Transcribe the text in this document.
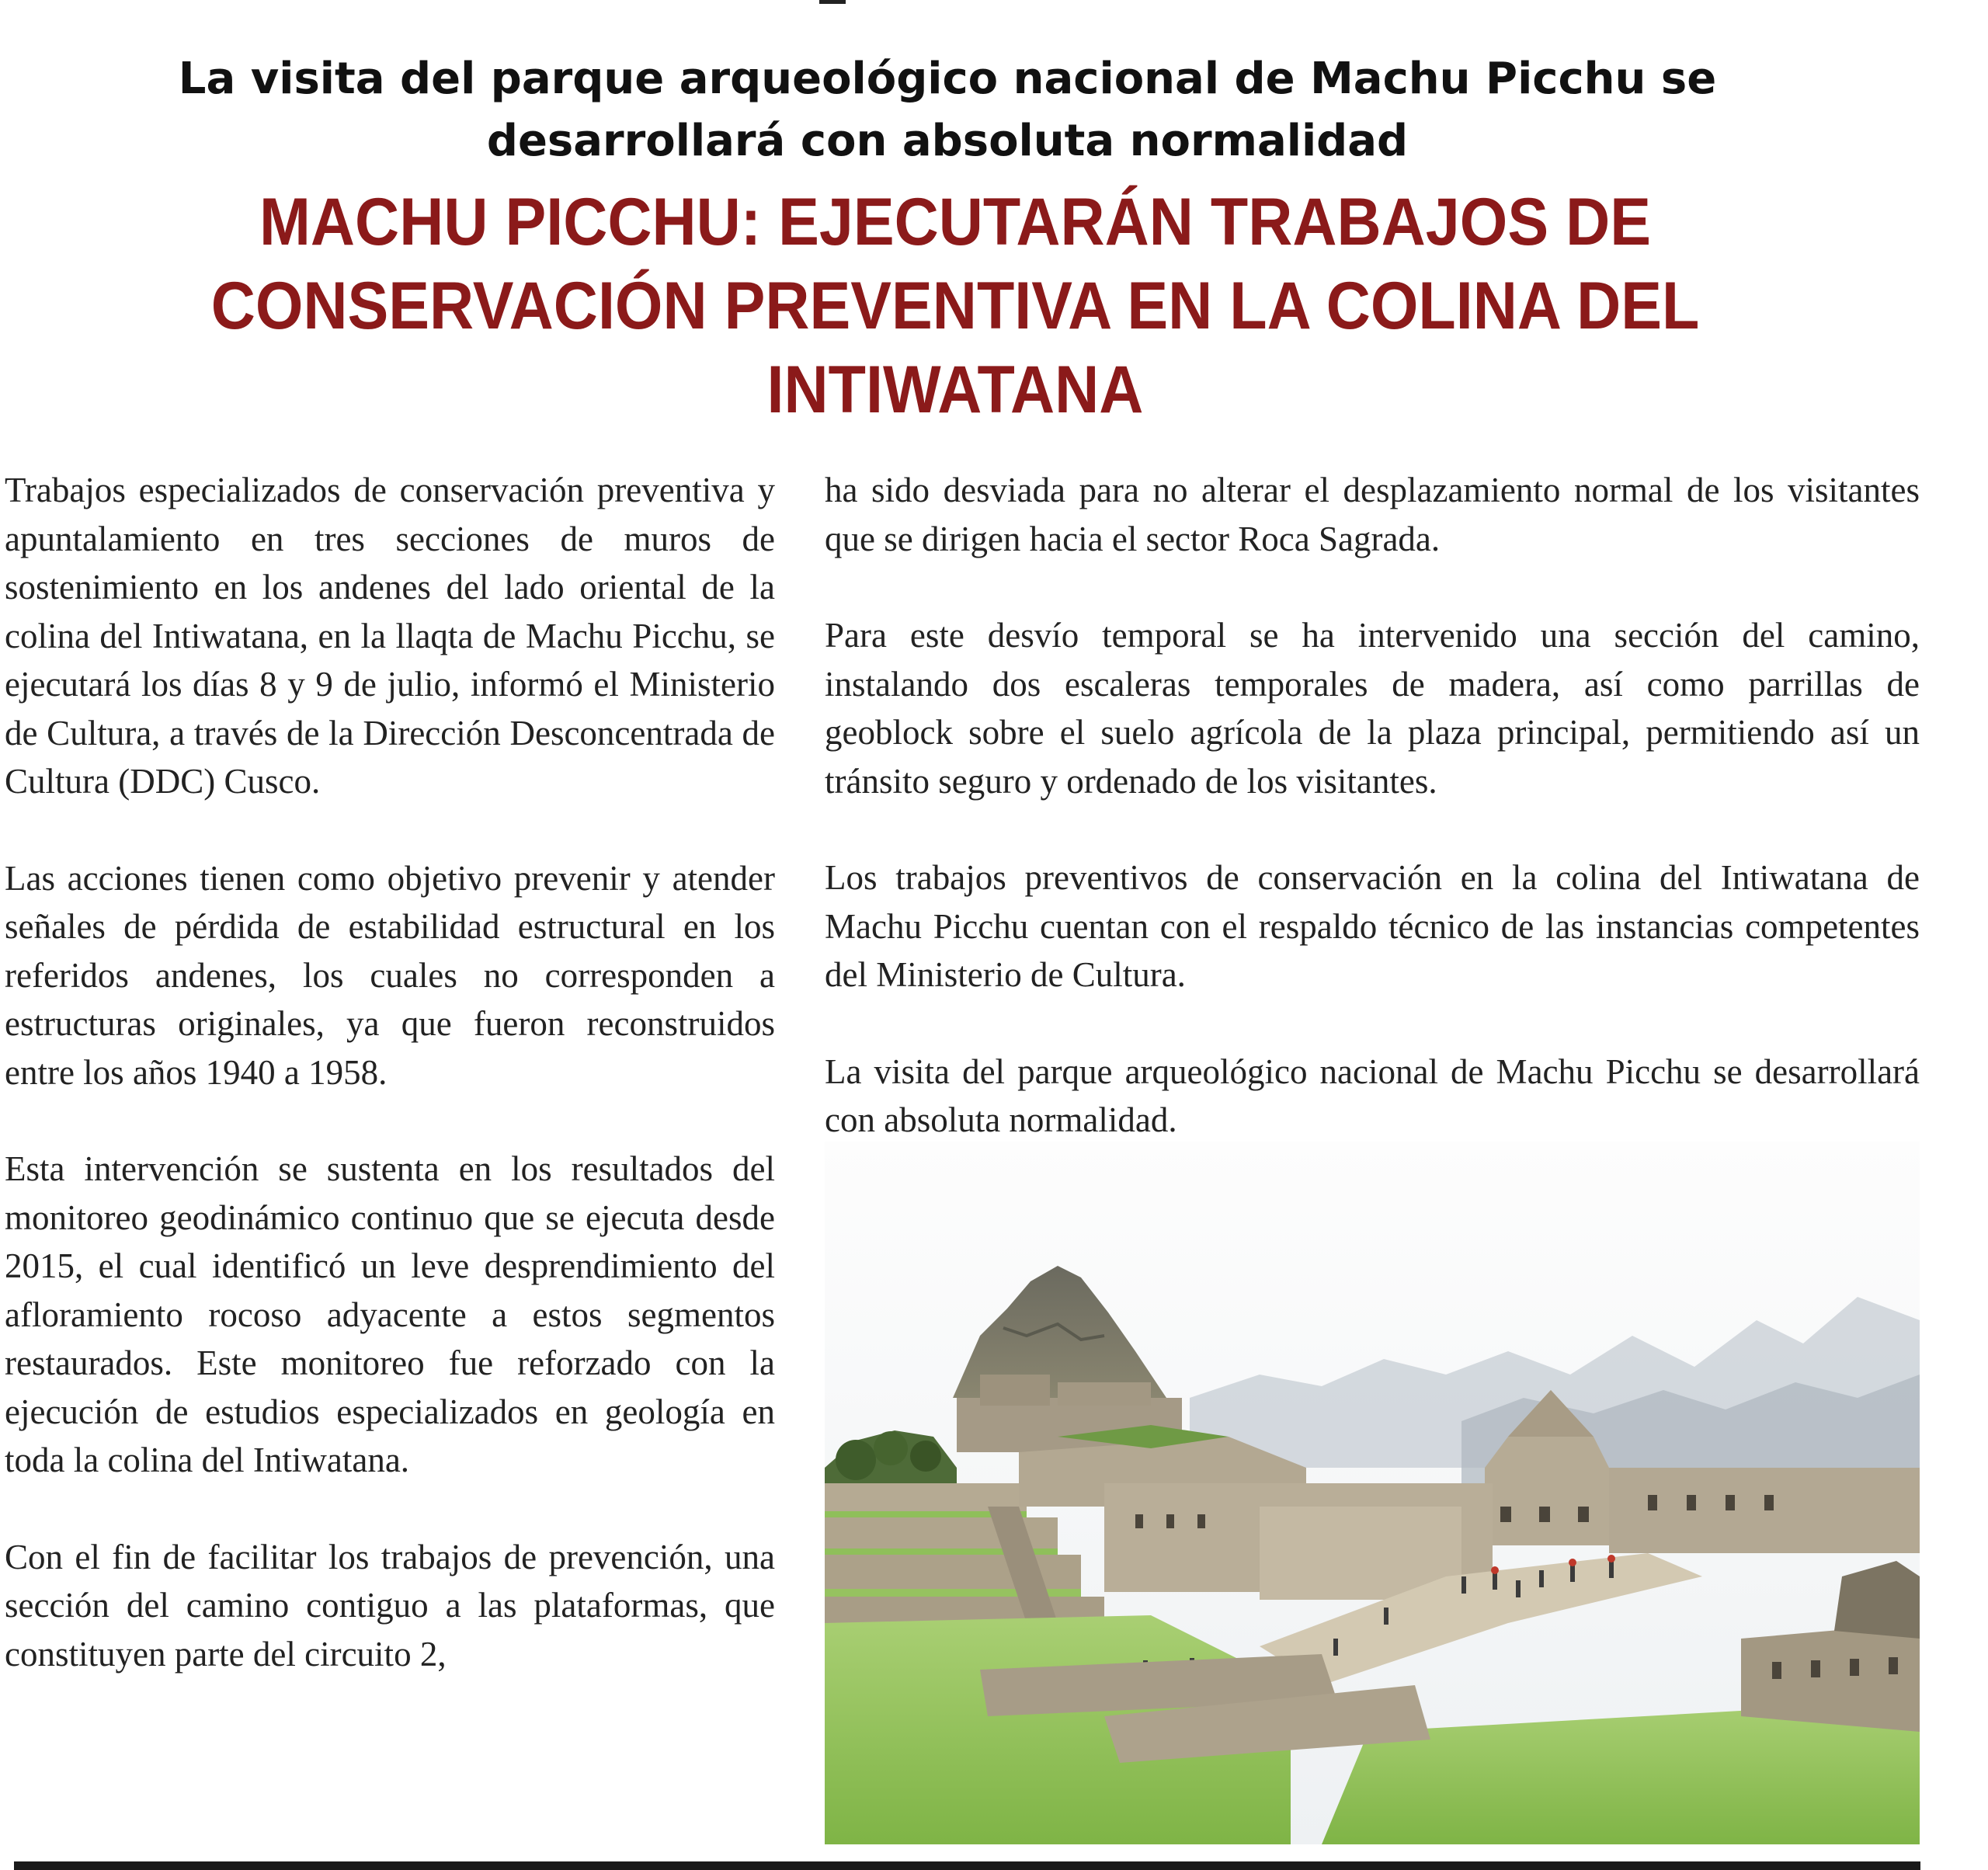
La visita del parque arqueológico nacional de Machu Picchu se desarrollará con absoluta normalidad
MACHU PICCHU: EJECUTARÁN TRABAJOS DE CONSERVACIÓN PREVENTIVA EN LA COLINA DEL INTIWATANA

Trabajos especializados de conservación preventiva y apuntalamiento en tres secciones de muros de sostenimiento en los andenes del lado oriental de la colina del Intiwatana, en la llaqta de Machu Picchu, se ejecutará los días 8 y 9 de julio, informó el Ministerio de Cultura, a través de la Dirección Desconcentrada de Cultura (DDC) Cusco.

Las acciones tienen como objetivo prevenir y atender señales de pérdida de estabilidad estructural en los referidos andenes, los cuales no corresponden a estructuras originales, ya que fueron reconstruidos entre los años 1940 a 1958.

Esta intervención se sustenta en los resultados del monitoreo geodinámico continuo que se ejecuta desde 2015, el cual identificó un leve desprendimiento del afloramiento rocoso adyacente a estos segmentos restaurados. Este monitoreo fue reforzado con la ejecución de estudios especializados en geología en toda la colina del Intiwatana.

Con el fin de facilitar los trabajos de prevención, una sección del camino contiguo a las plataformas, que constituyen parte del circuito 2,

ha sido desviada para no alterar el desplazamiento normal de los visitantes que se dirigen hacia el sector Roca Sagrada.

Para este desvío temporal se ha intervenido una sección del camino, instalando dos escaleras temporales de madera, así como parrillas de geoblock sobre el suelo agrícola de la plaza principal, permitiendo así un tránsito seguro y ordenado de los visitantes.

Los trabajos preventivos de conservación en la colina del Intiwatana de Machu Picchu cuentan con el respaldo técnico de las instancias competentes del Ministerio de Cultura.

La visita del parque arqueológico nacional de Machu Picchu se desarrollará con absoluta normalidad.
